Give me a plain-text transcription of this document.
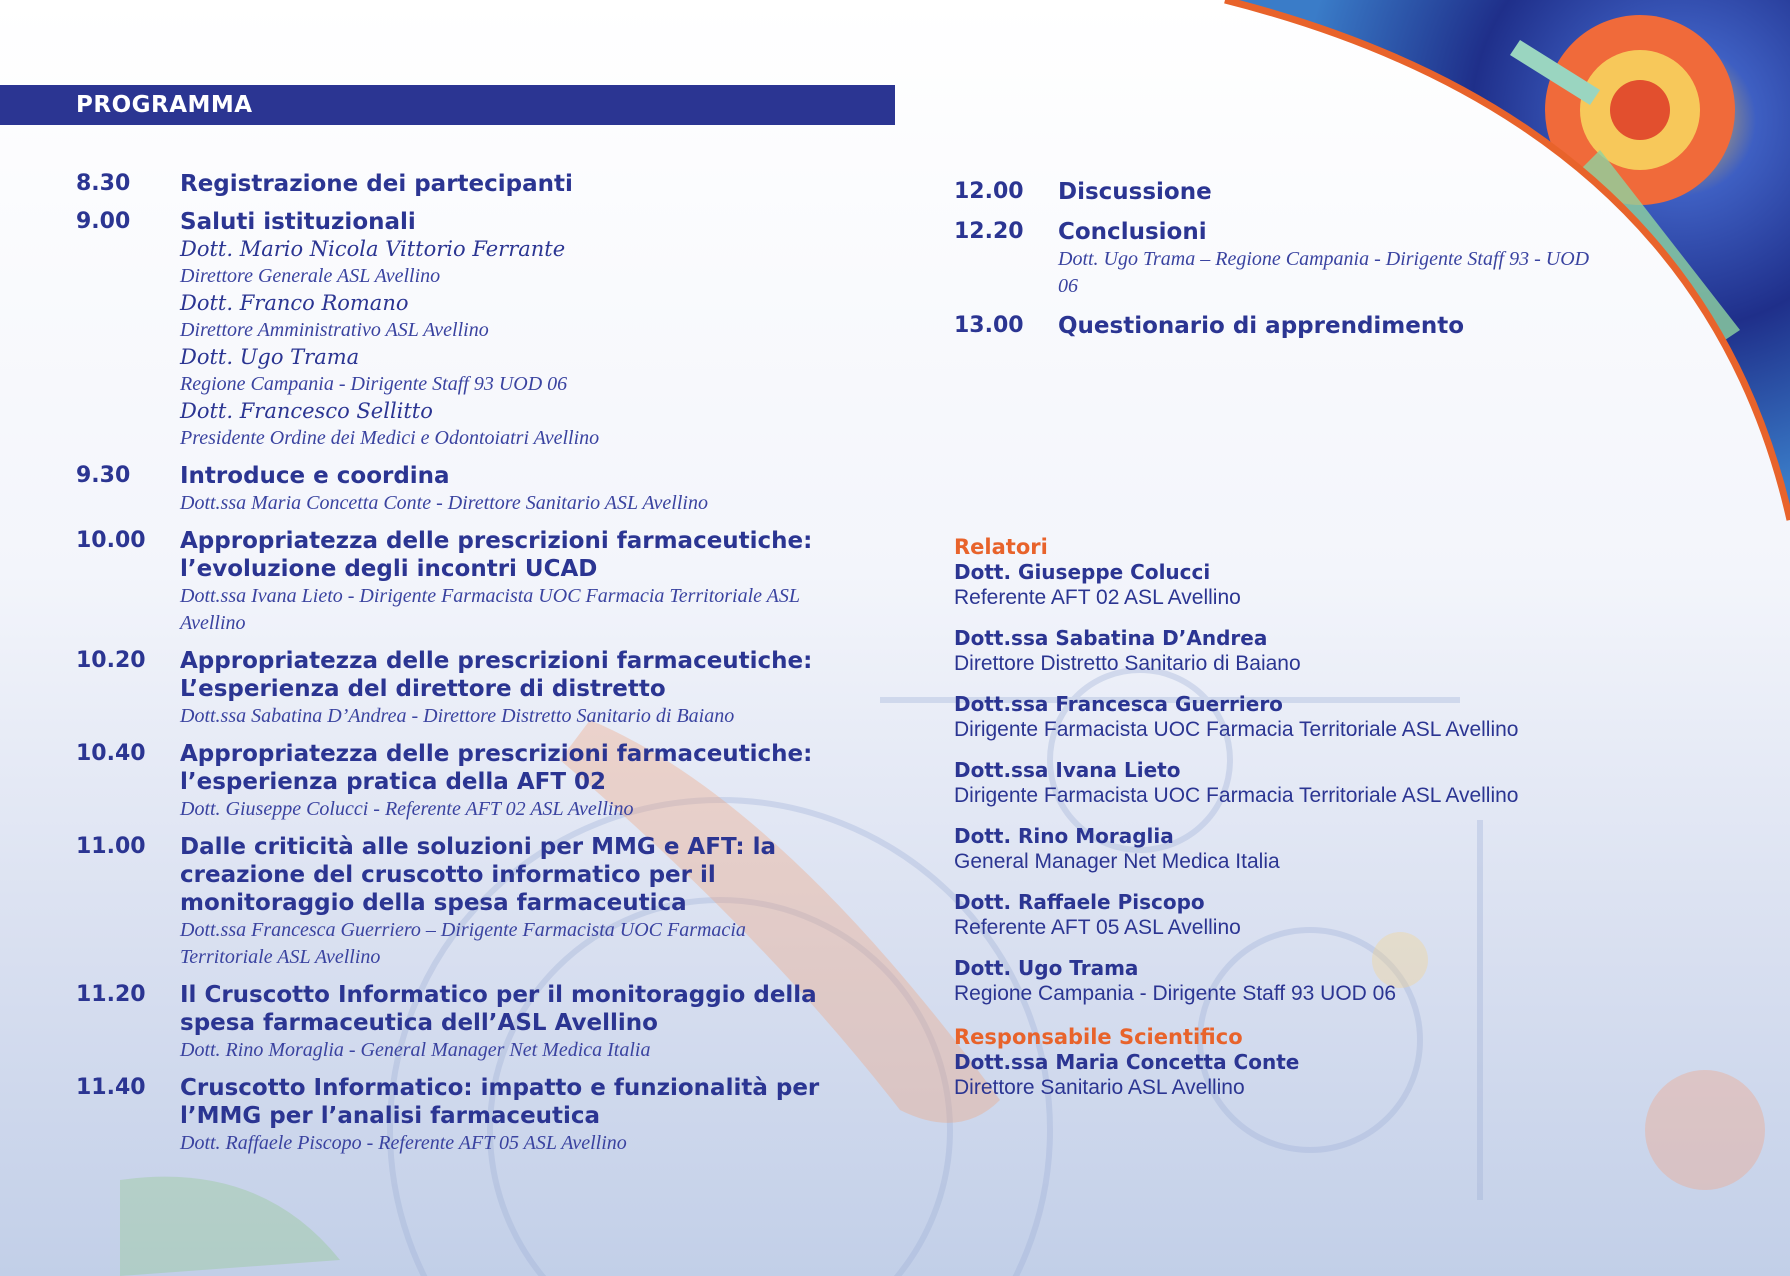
PROGRAMMA
8.30 Registrazione dei partecipanti
9.00 Saluti istituzionali
Dott. Mario Nicola Vittorio Ferrante
Direttore Generale ASL Avellino
Dott. Franco Romano
Direttore Amministrativo ASL Avellino
Dott. Ugo Trama
Regione Campania - Dirigente Staff 93 UOD 06
Dott. Francesco Sellitto
Presidente Ordine dei Medici e Odontoiatri Avellino
9.30 Introduce e coordina
Dott.ssa Maria Concetta Conte - Direttore Sanitario ASL Avellino
10.00 Appropriatezza delle prescrizioni farmaceutiche: l’evoluzione degli incontri UCAD
Dott.ssa Ivana Lieto - Dirigente Farmacista UOC Farmacia Territoriale ASL Avellino
10.20 Appropriatezza delle prescrizioni farmaceutiche: L’esperienza del direttore di distretto
Dott.ssa Sabatina D’Andrea - Direttore Distretto Sanitario di Baiano
10.40 Appropriatezza delle prescrizioni farmaceutiche: l’esperienza pratica della AFT 02
Dott. Giuseppe Colucci - Referente AFT 02 ASL Avellino
11.00 Dalle criticità alle soluzioni per MMG e AFT: la creazione del cruscotto informatico per il monitoraggio della spesa farmaceutica
Dott.ssa Francesca Guerriero – Dirigente Farmacista UOC Farmacia Territoriale ASL Avellino
11.20 Il Cruscotto Informatico per il monitoraggio della spesa farmaceutica dell’ASL Avellino
Dott. Rino Moraglia - General Manager Net Medica Italia
11.40 Cruscotto Informatico: impatto e funzionalità per l’MMG per l’analisi farmaceutica
Dott. Raffaele Piscopo - Referente AFT 05 ASL Avellino
12.00 Discussione
12.20 Conclusioni
Dott. Ugo Trama – Regione Campania - Dirigente Staff 93 - UOD 06
13.00 Questionario di apprendimento
Relatori
Dott. Giuseppe Colucci
Referente AFT 02 ASL Avellino
Dott.ssa Sabatina D’Andrea
Direttore Distretto Sanitario di Baiano
Dott.ssa Francesca Guerriero
Dirigente Farmacista UOC Farmacia Territoriale ASL Avellino
Dott.ssa Ivana Lieto
Dirigente Farmacista UOC Farmacia Territoriale ASL Avellino
Dott. Rino Moraglia
General Manager Net Medica Italia
Dott. Raffaele Piscopo
Referente AFT 05 ASL Avellino
Dott. Ugo Trama
Regione Campania - Dirigente Staff 93 UOD 06
Responsabile Scientifico
Dott.ssa Maria Concetta Conte
Direttore Sanitario ASL Avellino
